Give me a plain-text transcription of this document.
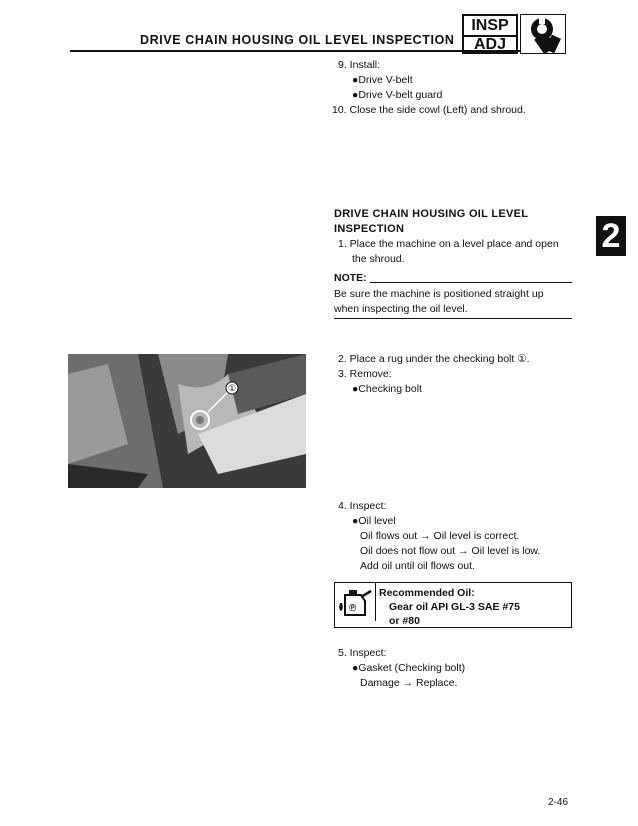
DRIVE CHAIN HOUSING OIL LEVEL INSPECTION
INSP
ADJ
2
9. Install:
●Drive V-belt
●Drive V-belt guard
10. Close the side cowl (Left) and shroud.
DRIVE CHAIN HOUSING OIL LEVEL INSPECTION
1. Place the machine on a level place and open
the shroud.
NOTE:
Be sure the machine is positioned straight up
when inspecting the oil level.
①
2. Place a rug under the checking bolt ①.
3. Remove:
●Checking bolt
4. Inspect:
●Oil level
Oil flows out → Oil level is correct.
Oil does not flow out → Oil level is low.
Add oil until oil flows out.
℗
Recommended Oil:
Gear oil API GL-3 SAE #75
or #80
5. Inspect:
●Gasket (Checking bolt)
Damage → Replace.
2-46
